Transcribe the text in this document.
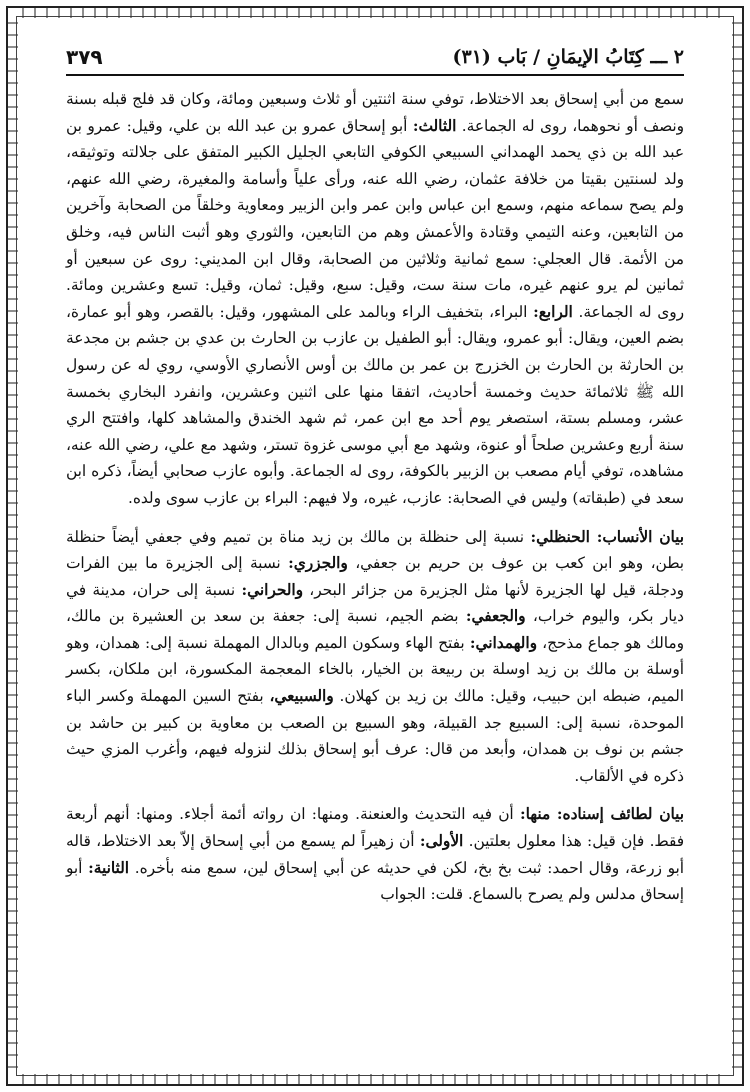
٢ ـــ كِتَابُ الإيمَانِ / بَاب (٣١)
٣٧٩

سمع من أبي إسحاق بعد الاختلاط، توفي سنة اثنتين أو ثلاث وسبعين ومائة، وكان قد فلج قبله بسنة ونصف أو نحوهما، روى له الجماعة. الثالث: أبو إسحاق عمرو بن عبد الله بن علي، وقيل: عمرو بن عبد الله بن ذي يحمد الهمداني السبيعي الكوفي التابعي الجليل الكبير المتفق على جلالته وتوثيقه، ولد لسنتين بقيتا من خلافة عثمان، رضي الله عنه، ورأى علياً وأسامة والمغيرة، رضي الله عنهم، ولم يصح سماعه منهم، وسمع ابن عباس وابن عمر وابن الزبير ومعاوية وخلقاً من الصحابة وآخرين من التابعين، وعنه التيمي وقتادة والأعمش وهم من التابعين، والثوري وهو أثبت الناس فيه، وخلق من الأئمة. قال العجلي: سمع ثمانية وثلاثين من الصحابة، وقال ابن المديني: روى عن سبعين أو ثمانين لم يرو عنهم غيره، مات سنة ست، وقيل: سبع، وقيل: ثمان، وقيل: تسع وعشرين ومائة. روى له الجماعة. الرابع: البراء، بتخفيف الراء وبالمد على المشهور، وقيل: بالقصر، وهو أبو عمارة، بضم العين، ويقال: أبو عمرو، ويقال: أبو الطفيل بن عازب بن الحارث بن عدي بن جشم بن مجدعة بن الحارثة بن الحارث بن الخزرج بن عمر بن مالك بن أوس الأنصاري الأوسي، روي له عن رسول الله ﷺ ثلاثمائة حديث وخمسة أحاديث، اتفقا منها على اثنين وعشرين، وانفرد البخاري بخمسة عشر، ومسلم بستة، استصغر يوم أحد مع ابن عمر، ثم شهد الخندق والمشاهد كلها، وافتتح الري سنة أربع وعشرين صلحاً أو عنوة، وشهد مع أبي موسى غزوة تستر، وشهد مع علي، رضي الله عنه، مشاهده، توفي أيام مصعب بن الزبير بالكوفة، روى له الجماعة. وأبوه عازب صحابي أيضاً، ذكره ابن سعد في (طبقاته) وليس في الصحابة: عازب، غيره، ولا فيهم: البراء بن عازب سوى ولده.

بيان الأنساب: الحنظلي: نسبة إلى حنظلة بن مالك بن زيد مناة بن تميم وفي جعفي أيضاً حنظلة بطن، وهو ابن كعب بن عوف بن حريم بن جعفي، والجزري: نسبة إلى الجزيرة ما بين الفرات ودجلة، قيل لها الجزيرة لأنها مثل الجزيرة من جزائر البحر، والحراني: نسبة إلى حران، مدينة في ديار بكر، واليوم خراب، والجعفي: بضم الجيم، نسبة إلى: جعفة بن سعد بن العشيرة بن مالك، ومالك هو جماع مذحج، والهمداني: بفتح الهاء وسكون الميم وبالدال المهملة نسبة إلى: همدان، وهو أوسلة بن مالك بن زيد اوسلة بن ربيعة بن الخيار، بالخاء المعجمة المكسورة، ابن ملكان، بكسر الميم، ضبطه ابن حبيب، وقيل: مالك بن زيد بن كهلان. والسبيعي، بفتح السين المهملة وكسر الباء الموحدة، نسبة إلى: السبيع جد القبيلة، وهو السبيع بن الصعب بن معاوية بن كبير بن حاشد بن جشم بن نوف بن همدان، وأبعد من قال: عرف أبو إسحاق بذلك لنزوله فيهم، وأغرب المزي حيث ذكره في الألقاب.

بيان لطائف إسناده: منها: أن فيه التحديث والعنعنة. ومنها: ان رواته أئمة أجلاء. ومنها: أنهم أربعة فقط. فإن قيل: هذا معلول بعلتين. الأولى: أن زهيراً لم يسمع من أبي إسحاق إلاّ بعد الاختلاط، قاله أبو زرعة، وقال احمد: ثبت بخ بخ، لكن في حديثه عن أبي إسحاق لين، سمع منه بأخره. الثانية: أبو إسحاق مدلس ولم يصرح بالسماع. قلت: الجواب
